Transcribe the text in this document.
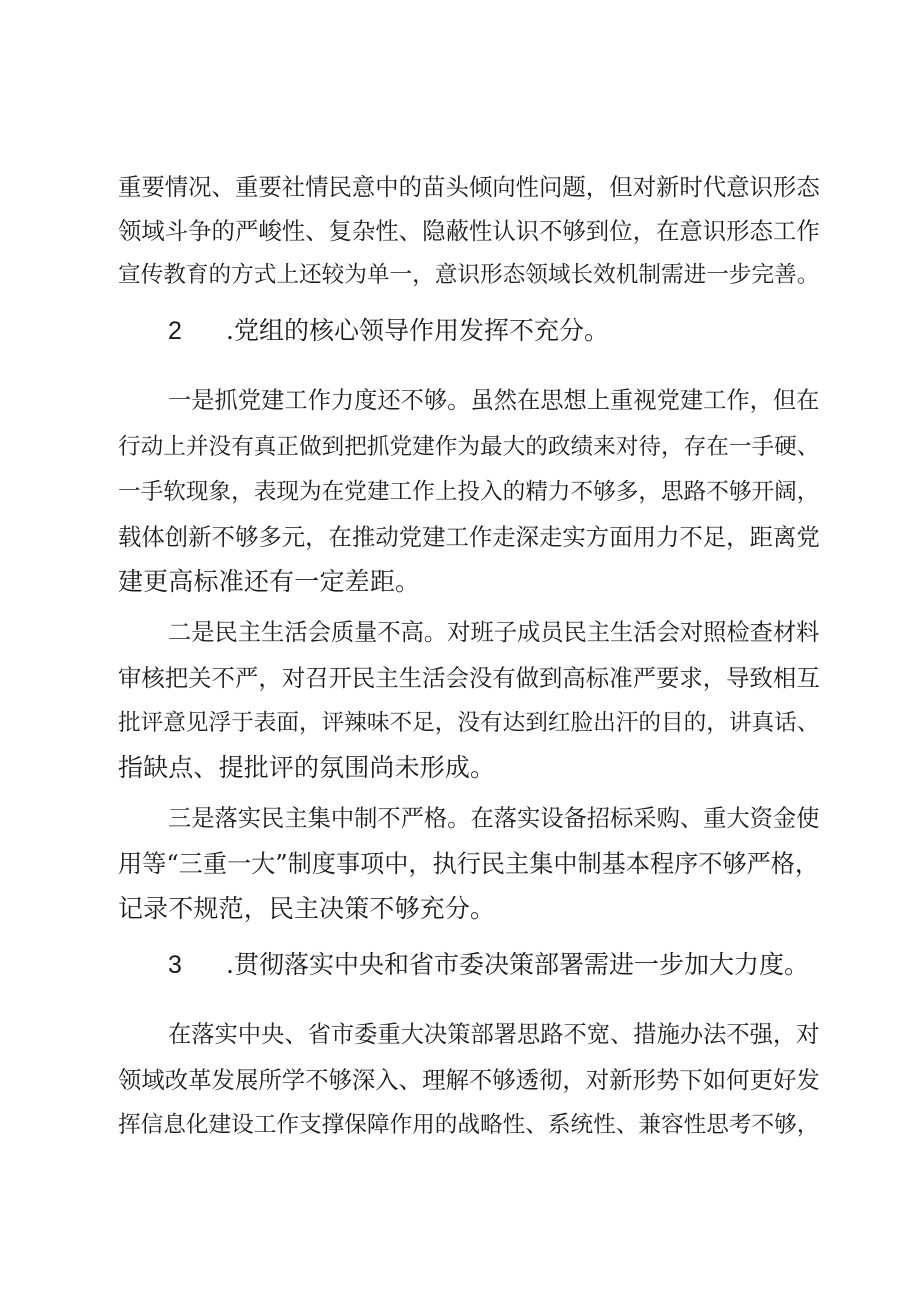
重要情况、重要社情民意中的苗头倾向性问题，但对新时代意识形态
领域斗争的严峻性、复杂性、隐蔽性认识不够到位，在意识形态工作
宣传教育的方式上还较为单一，意识形态领域长效机制需进一步完善。
2 .党组的核心领导作用发挥不充分。
一是抓党建工作力度还不够。虽然在思想上重视党建工作，但在
行动上并没有真正做到把抓党建作为最大的政绩来对待，存在一手硬、
一手软现象，表现为在党建工作上投入的精力不够多，思路不够开阔，
载体创新不够多元，在推动党建工作走深走实方面用力不足，距离党
建更高标准还有一定差距。
二是民主生活会质量不高。对班子成员民主生活会对照检查材料
审核把关不严，对召开民主生活会没有做到高标准严要求，导致相互
批评意见浮于表面，评辣味不足，没有达到红脸出汗的目的，讲真话、
指缺点、提批评的氛围尚未形成。
三是落实民主集中制不严格。在落实设备招标采购、重大资金使
用等“三重一大”制度事项中，执行民主集中制基本程序不够严格，
记录不规范，民主决策不够充分。
3 .贯彻落实中央和省市委决策部署需进一步加大力度。
在落实中央、省市委重大决策部署思路不宽、措施办法不强，对
领域改革发展所学不够深入、理解不够透彻，对新形势下如何更好发
挥信息化建设工作支撑保障作用的战略性、系统性、兼容性思考不够，
